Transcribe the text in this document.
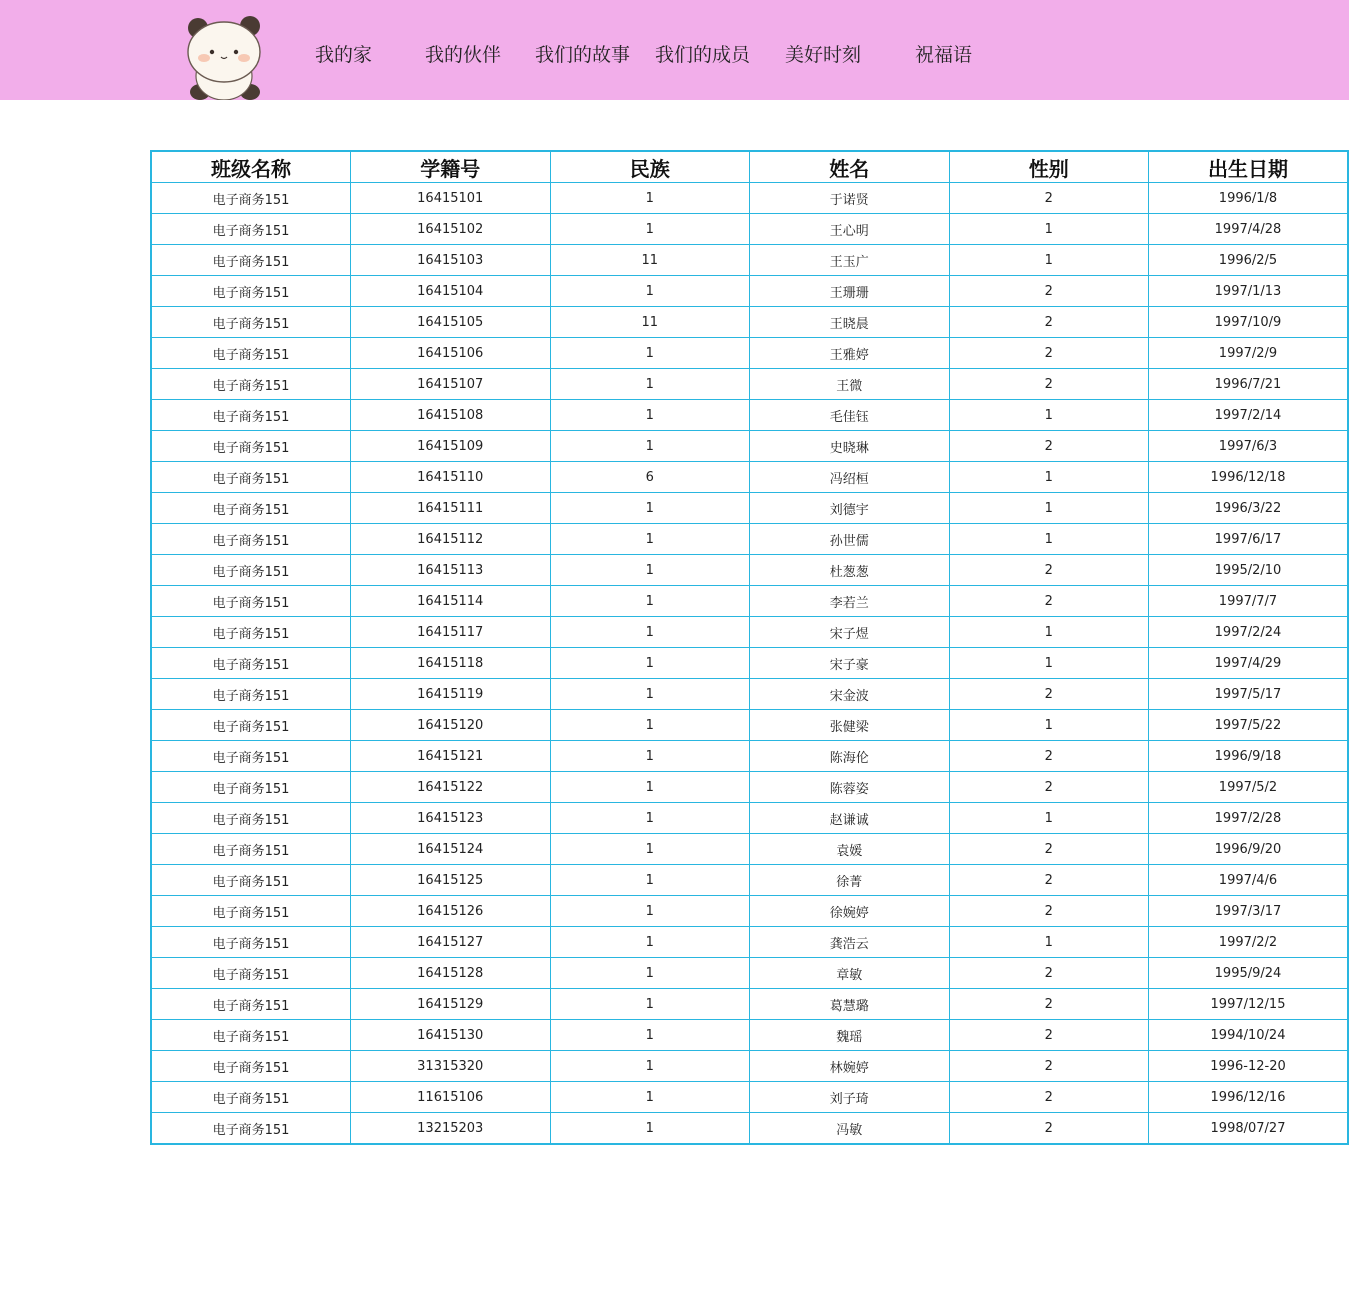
我的家	我的伙伴 我们的故事 我们的成员 美好时刻	祝福语
班级名称	学籍号	民族	姓名	性别	出生日期
电子商务151	16415101	1	于诺贤	2	1996/1/8
电子商务151	16415102	1	王心明	1	1997/4/28
电子商务151	16415103	11	王玉广	1	1996/2/5
电子商务151	16415104	1	王珊珊	2	1997/1/13
电子商务151	16415105	11	王晓晨	2	1997/10/9
电子商务151	16415106	1	王雅婷	2	1997/2/9
电子商务151	16415107	1	王微	2	1996/7/21
电子商务151	16415108	1	毛佳钰	1	1997/2/14
电子商务151	16415109	1	史晓琳	2	1997/6/3
电子商务151	16415110	6	冯绍桓	1	1996/12/18
电子商务151	16415111	1	刘德宇	1	1996/3/22
电子商务151	16415112	1	孙世儒	1	1997/6/17
电子商务151	16415113	1	杜葱葱	2	1995/2/10
电子商务151	16415114	1	李若兰	2	1997/7/7
电子商务151	16415117	1	宋子煜	1	1997/2/24
电子商务151	16415118	1	宋子豪	1	1997/4/29
电子商务151	16415119	1	宋金波	2	1997/5/17
电子商务151	16415120	1	张健梁	1	1997/5/22
电子商务151	16415121	1	陈海伦	2	1996/9/18
电子商务151	16415122	1	陈蓉姿	2	1997/5/2
电子商务151	16415123	1	赵谦诚	1	1997/2/28
电子商务151	16415124	1	袁媛	2	1996/9/20
电子商务151	16415125	1	徐菁	2	1997/4/6
电子商务151	16415126	1	徐婉婷	2	1997/3/17
电子商务151	16415127	1	龚浩云	1	1997/2/2
电子商务151	16415128	1	章敏	2	1995/9/24
电子商务151	16415129	1	葛慧璐	2	1997/12/15
电子商务151	16415130	1	魏瑶	2	1994/10/24
电子商务151	31315320	1	林婉婷	2	1996-12-20
电子商务151	11615106	1	刘子琦	2	1996/12/16
电子商务151	13215203	1	冯敏	2	1998/07/27
